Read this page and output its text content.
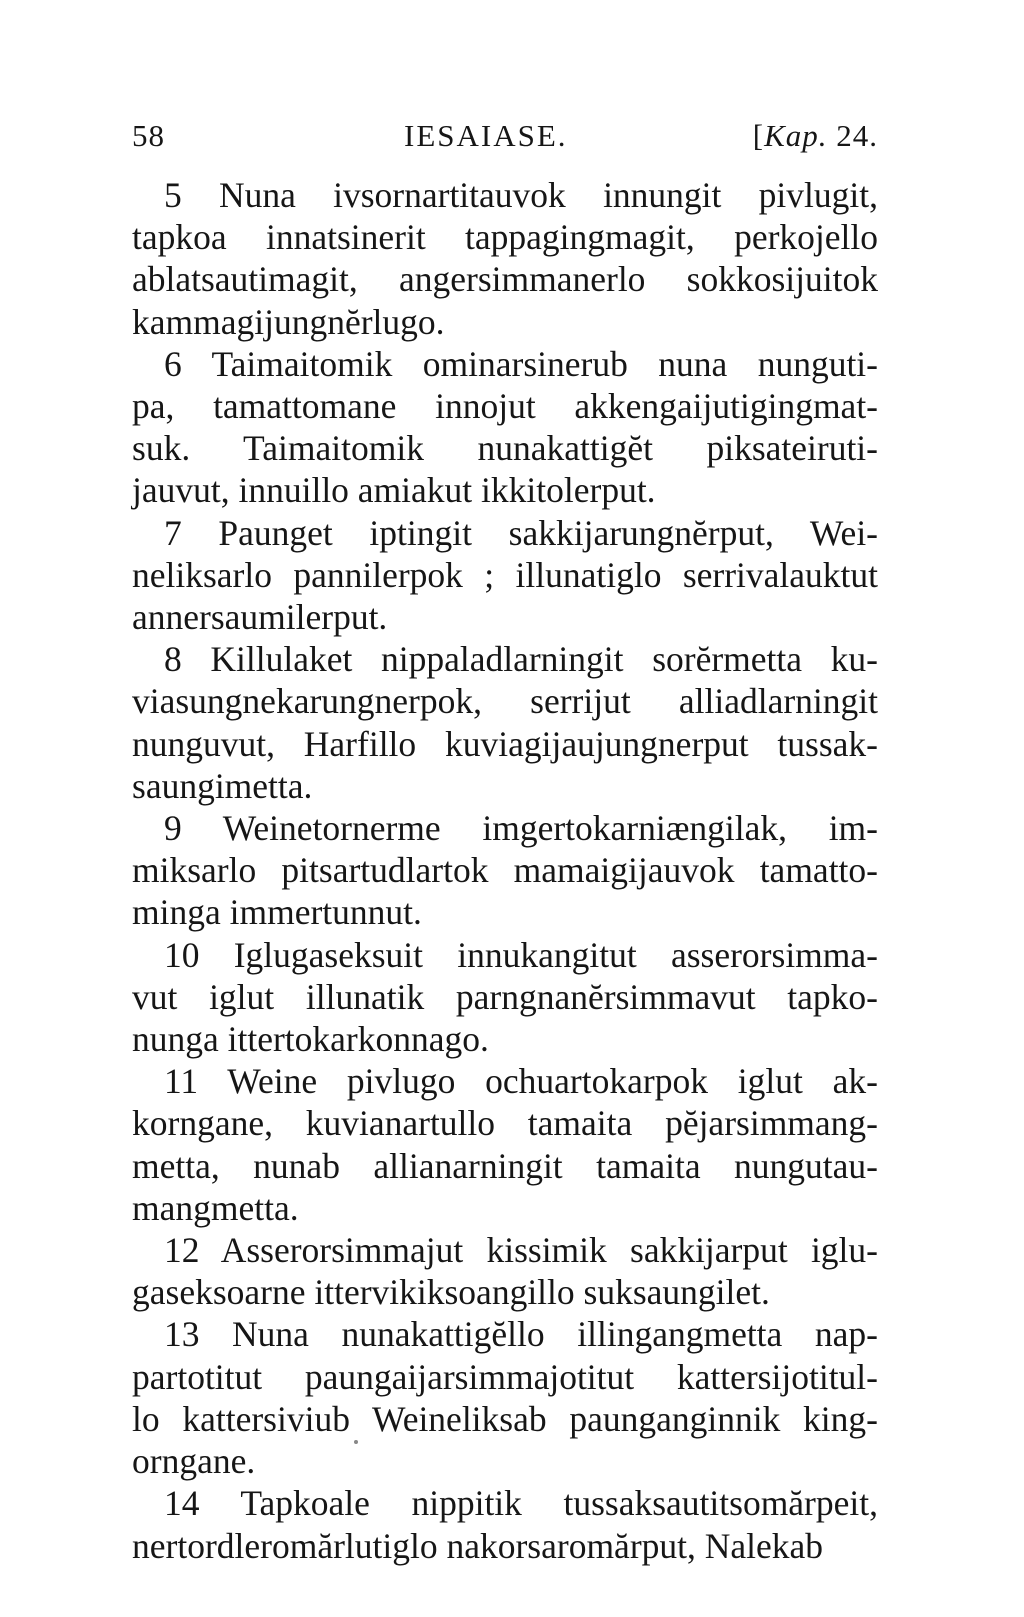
58	IESAIASE.	[Kap. 24.
5 Nuna ivsornartitauvok innungit pivlugit,
tapkoa innatsinerit tappagingmagit, perkojello
ablatsautimagit, angersimmanerlo sokkosijuitok
kammagijungnĕrlugo.
6 Taimaitomik ominarsinerub nuna nunguti-
pa, tamattomane innojut akkengaijutigingmat-
suk. Taimaitomik nunakattigĕt piksateiruti-
jauvut, innuillo amiakut ikkitolerput.
7 Paunget iptingit sakkijarungnĕrput, Wei-
neliksarlo pannilerpok ; illunatiglo serrivalauktut
annersaumilerput.
8 Killulaket nippaladlarningit sorĕrmetta ku-
viasungnekarungnerpok, serrijut alliadlarningit
nunguvut, Harfillo kuviagijaujungnerput tussak-
saungimetta.
9 Weinetornerme imgertokarniængilak, im-
miksarlo pitsartudlartok mamaigijauvok tamatto-
minga immertunnut.
10 Iglugaseksuit innukangitut asserorsimma-
vut iglut illunatik parngnanĕrsimmavut tapko-
nunga ittertokarkonnago.
11 Weine pivlugo ochuartokarpok iglut ak-
korngane, kuvianartullo tamaita pĕjarsimmang-
metta, nunab allianarningit tamaita nungutau-
mangmetta.
12 Asserorsimmajut kissimik sakkijarput iglu-
gaseksoarne ittervikiksoangillo suksaungilet.
13 Nuna nunakattigĕllo illingangmetta nap-
partotitut paungaijarsimmajotitut kattersijotitul-
lo kattersiviub Weineliksab paunganginnik king-
orngane.
14 Tapkoale nippitik tussaksautitsomărpeit,
nertordleromărlutiglo nakorsaromărput, Nalekab
